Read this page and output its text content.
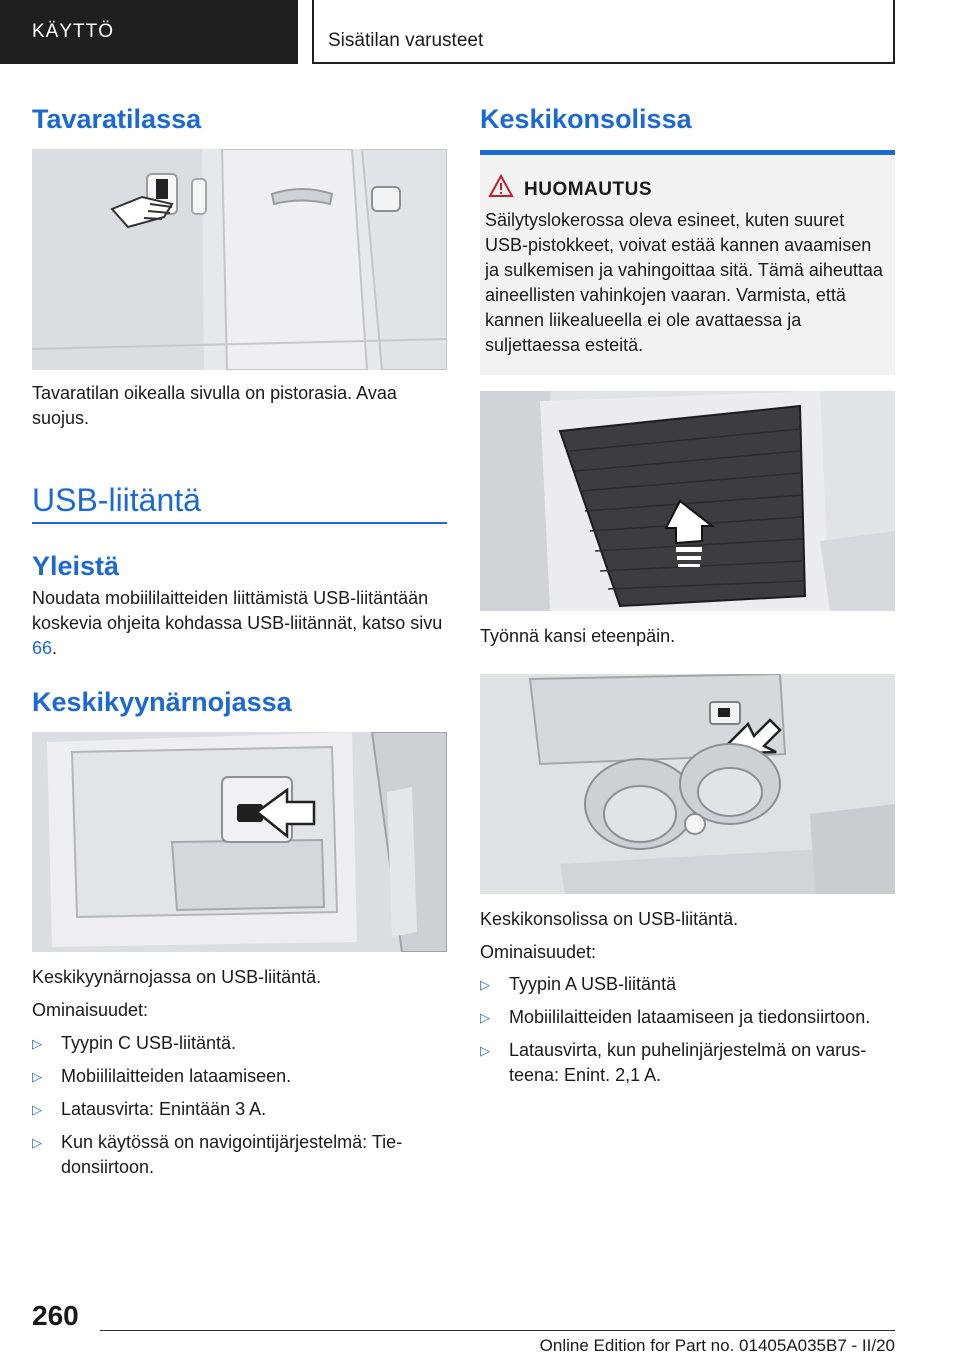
KÄYTTÖ	Sisätilan varusteet
Tavaratilassa
Tavaratilan oikealla sivulla on pistorasia. Avaa suojus.
USB-liitäntä
Yleistä
Noudata mobiililaitteiden liittämistä USB-liitäntään koskevia ohjeita kohdassa USB-liitännät, katso sivu 66.
Keskikyynärnojassa
Keskikyynärnojassa on USB-liitäntä.
Ominaisuudet:
▷ Tyypin C USB-liitäntä.
▷ Mobiililaitteiden lataamiseen.
▷ Latausvirta: Enintään 3 A.
▷ Kun käytössä on navigointijärjestelmä: Tiedonsiirtoon.
Keskikonsolissa
HUOMAUTUS
Säilytyslokerossa oleva esineet, kuten suuret USB-pistokkeet, voivat estää kannen avaamisen ja sulkemisen ja vahingoittaa sitä. Tämä aiheuttaa aineellisten vahinkojen vaaran. Varmista, että kannen liikealueella ei ole avattaessa ja suljettaessa esteitä.
Työnnä kansi eteenpäin.
Keskikonsolissa on USB-liitäntä.
Ominaisuudet:
▷ Tyypin A USB-liitäntä
▷ Mobiililaitteiden lataamiseen ja tiedonsiirtoon.
▷ Latausvirta, kun puhelinjärjestelmä on varusteena: Enint. 2,1 A.
260
Online Edition for Part no. 01405A035B7 - II/20
